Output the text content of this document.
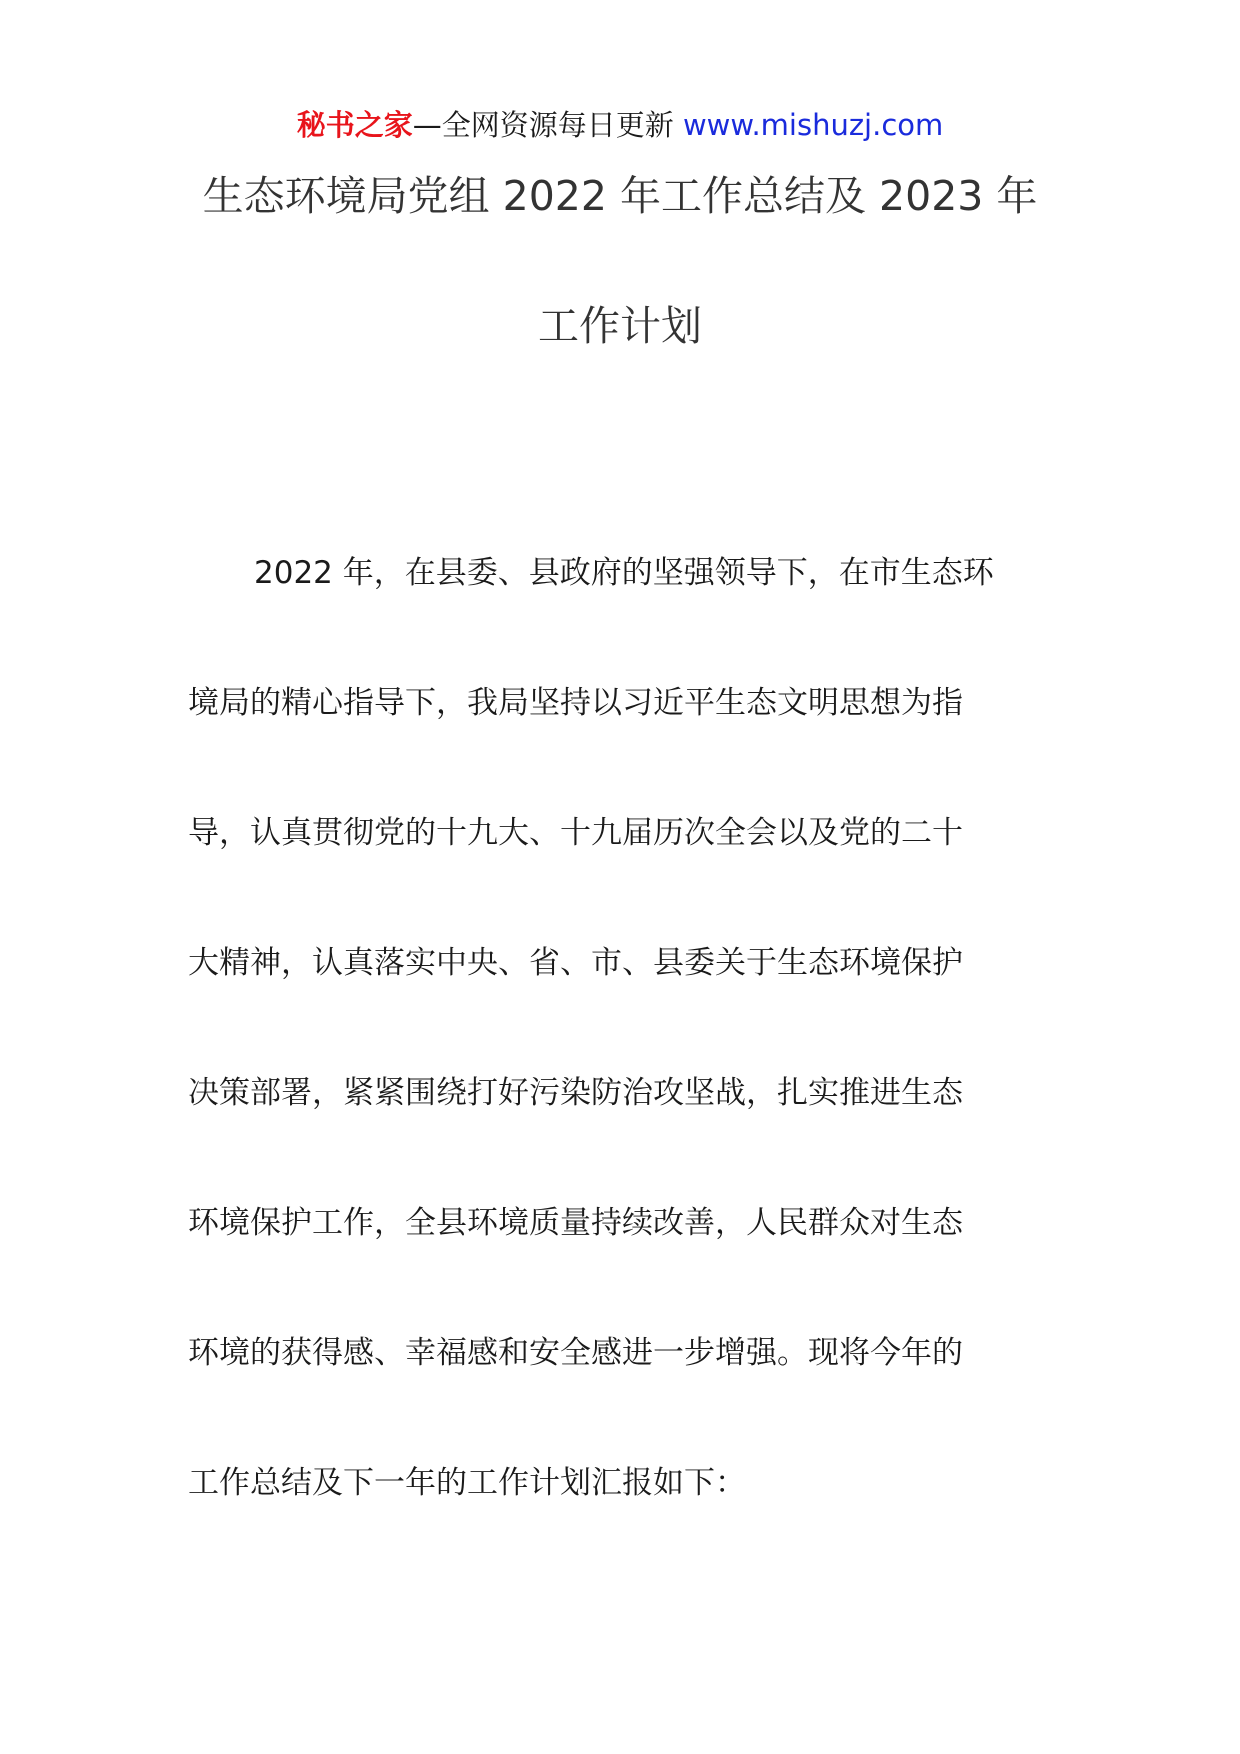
秘书之家—全网资源每日更新 www.mishuzj.com
生态环境局党组 2022 年工作总结及 2023 年
工作计划
2022 年，在县委、县政府的坚强领导下，在市生态环
境局的精心指导下，我局坚持以习近平生态文明思想为指
导，认真贯彻党的十九大、十九届历次全会以及党的二十
大精神，认真落实中央、省、市、县委关于生态环境保护
决策部署，紧紧围绕打好污染防治攻坚战，扎实推进生态
环境保护工作，全县环境质量持续改善，人民群众对生态
环境的获得感、幸福感和安全感进一步增强。现将今年的
工作总结及下一年的工作计划汇报如下：
